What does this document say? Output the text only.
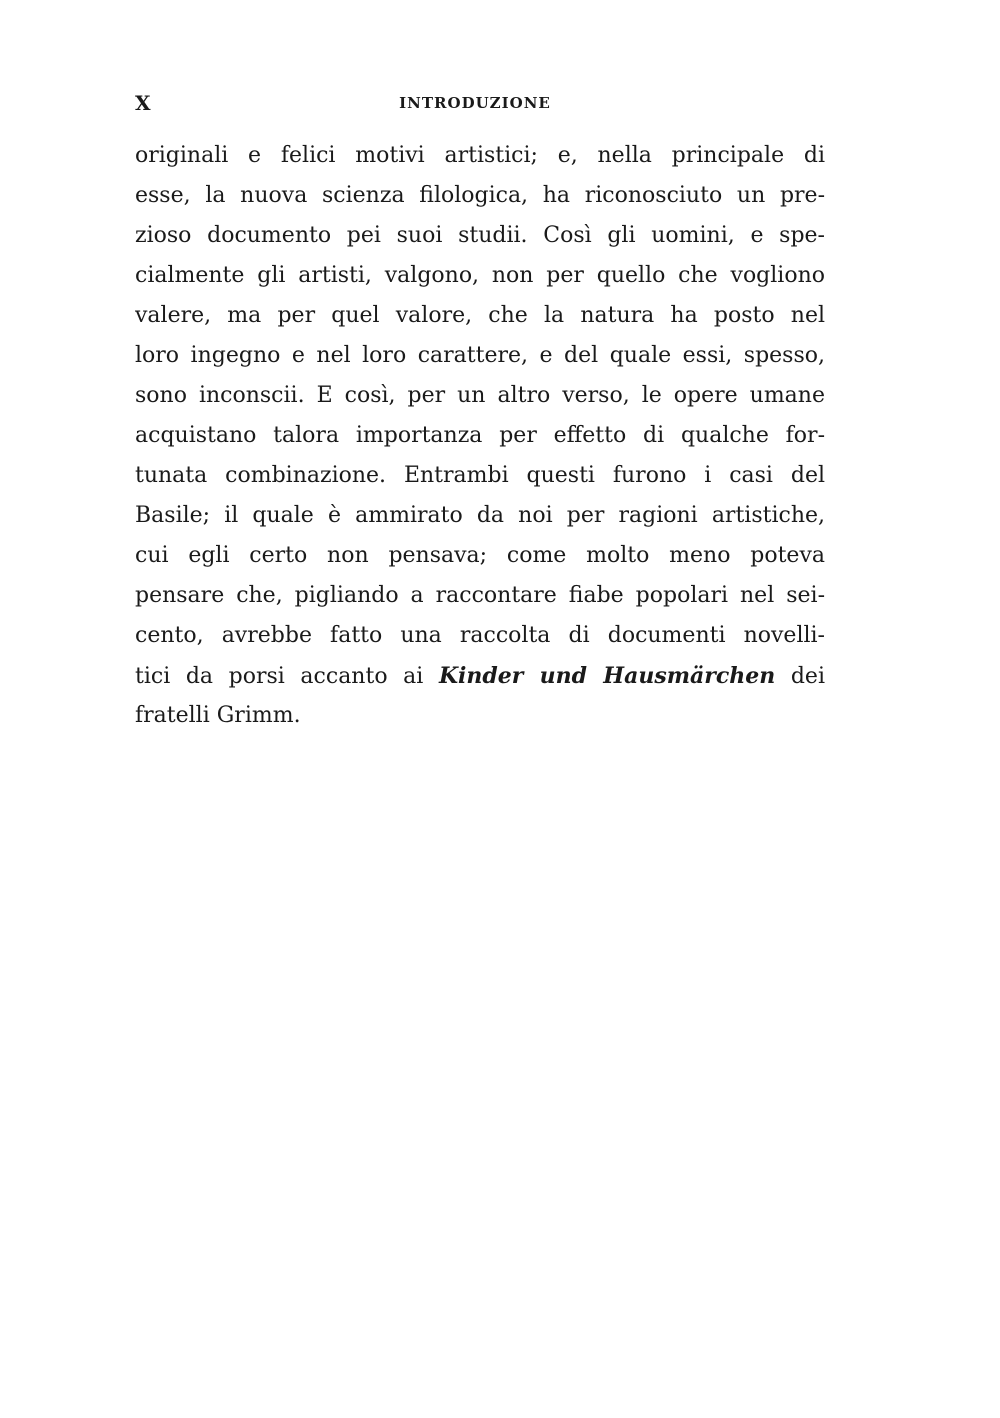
X	INTRODUZIONE
originali e felici motivi artistici; e, nella principale di
esse, la nuova scienza filologica, ha riconosciuto un pre-
zioso documento pei suoi studii. Così gli uomini, e spe-
cialmente gli artisti, valgono, non per quello che vogliono
valere, ma per quel valore, che la natura ha posto nel
loro ingegno e nel loro carattere, e del quale essi, spesso,
sono inconscii. E così, per un altro verso, le opere umane
acquistano talora importanza per effetto di qualche for-
tunata combinazione. Entrambi questi furono i casi del
Basile; il quale è ammirato da noi per ragioni artistiche,
cui egli certo non pensava; come molto meno poteva
pensare che, pigliando a raccontare fiabe popolari nel sei-
cento, avrebbe fatto una raccolta di documenti novelli-
tici da porsi accanto ai Kinder und Hausmärchen dei
fratelli Grimm.
